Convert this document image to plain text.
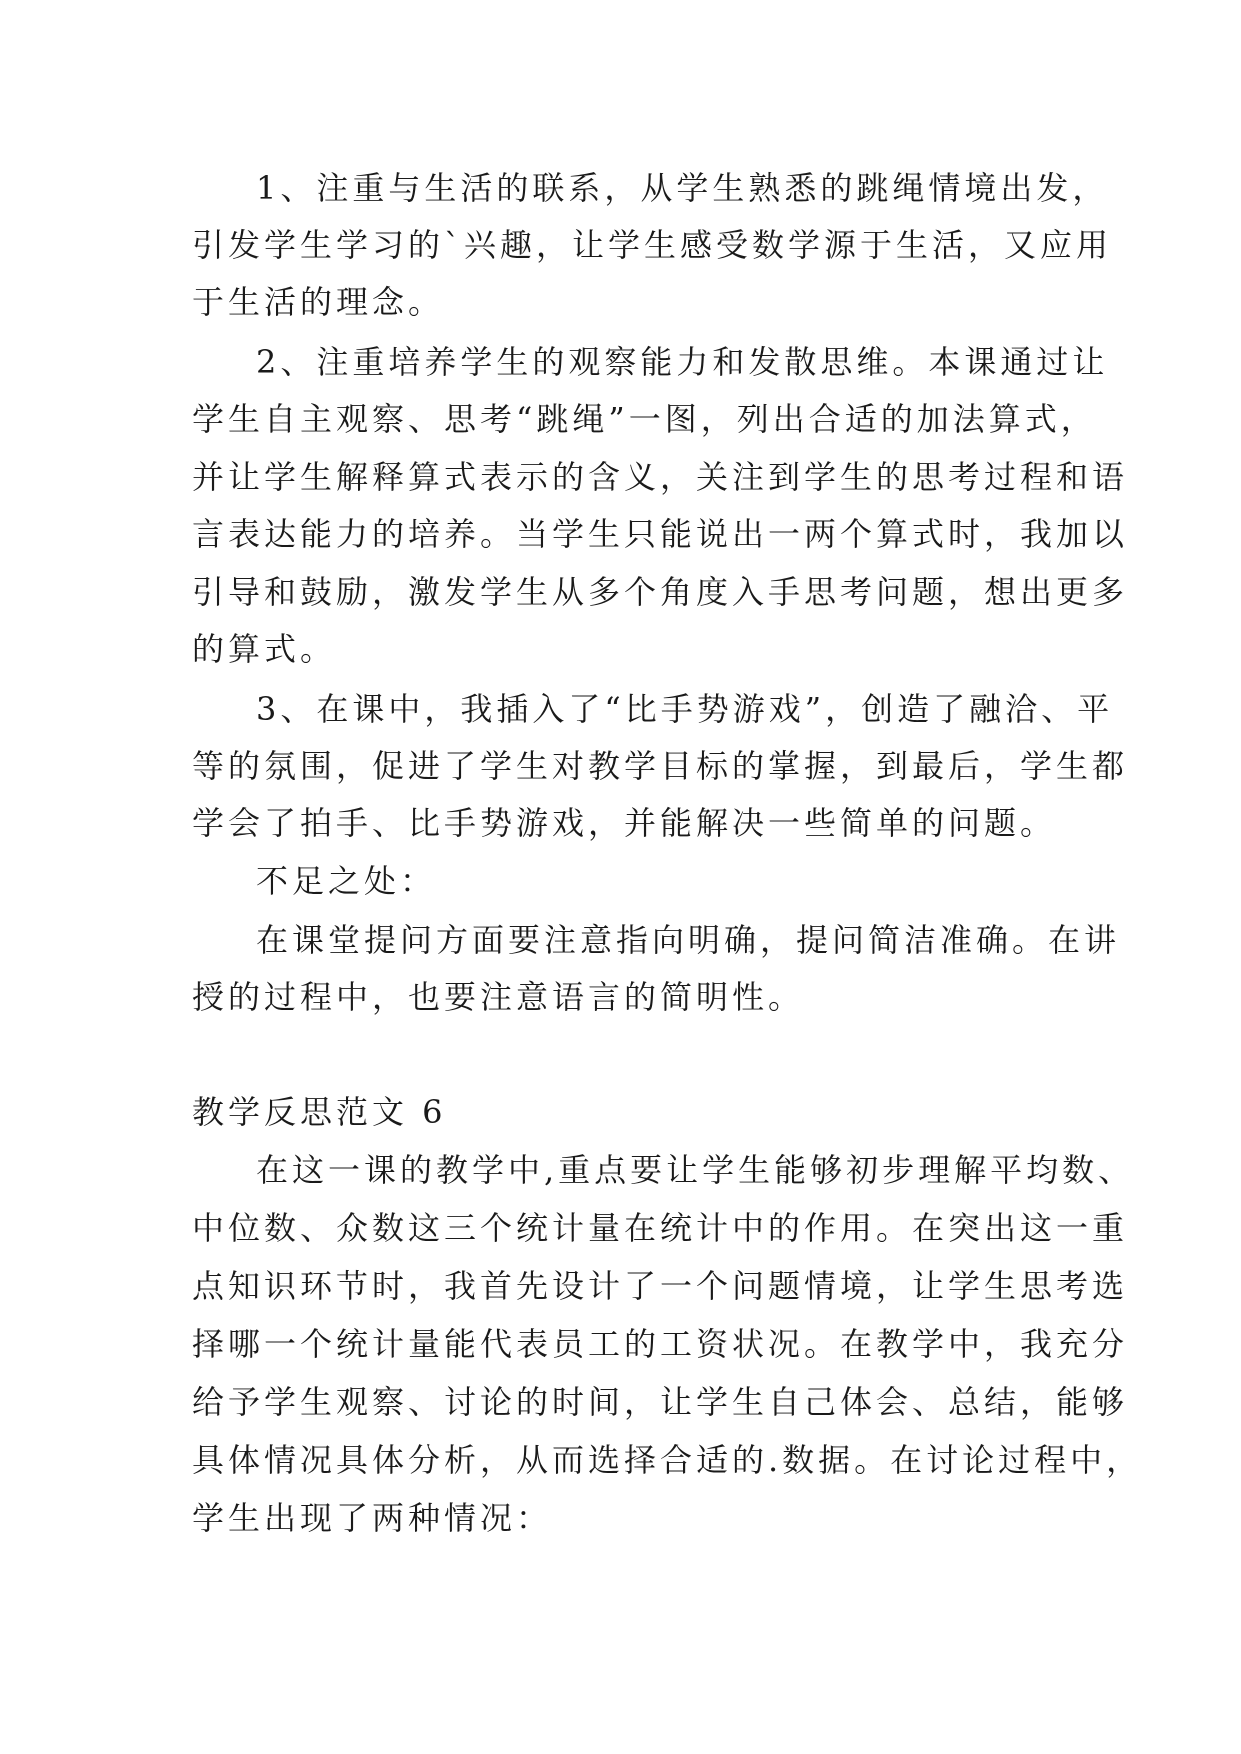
1、注重与生活的联系，从学生熟悉的跳绳情境出发，

引发学生学习的`兴趣，让学生感受数学源于生活，又应用

于生活的理念。

2、注重培养学生的观察能力和发散思维。本课通过让

学生自主观察、思考“跳绳”一图，列出合适的加法算式，

并让学生解释算式表示的含义，关注到学生的思考过程和语

言表达能力的培养。当学生只能说出一两个算式时，我加以

引导和鼓励，激发学生从多个角度入手思考问题，想出更多

的算式。

3、在课中，我插入了“比手势游戏”，创造了融洽、平

等的氛围，促进了学生对教学目标的掌握，到最后，学生都

学会了拍手、比手势游戏，并能解决一些简单的问题。

不足之处：

在课堂提问方面要注意指向明确，提问简洁准确。在讲

授的过程中，也要注意语言的简明性。

教学反思范文 6

在这一课的教学中,重点要让学生能够初步理解平均数、

中位数、众数这三个统计量在统计中的作用。在突出这一重

点知识环节时，我首先设计了一个问题情境，让学生思考选

择哪一个统计量能代表员工的工资状况。在教学中，我充分

给予学生观察、讨论的时间，让学生自己体会、总结，能够

具体情况具体分析，从而选择合适的.数据。在讨论过程中，

学生出现了两种情况：
